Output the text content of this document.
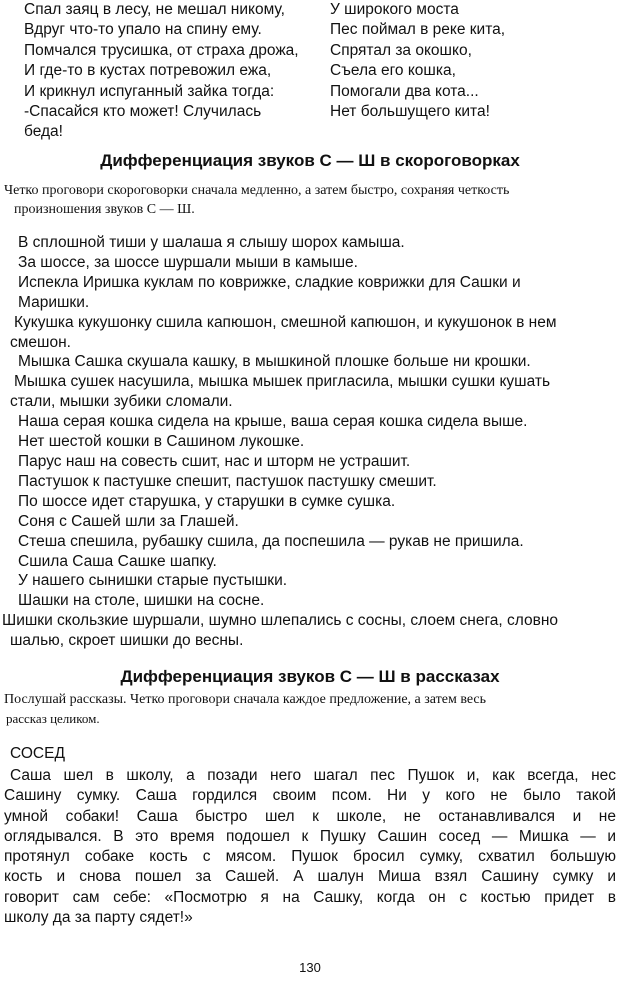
Спал заяц в лесу, не мешал никому,
Вдруг что-то упало на спину ему.
Помчался трусишка, от страха дрожа,
И где-то в кустах потревожил ежа,
И крикнул испуганный зайка тогда:
-Спасайся кто может! Случилась
беда!
У широкого моста
Пес поймал в реке кита,
Спрятал за окошко,
Съела его кошка,
Помогали два кота...
Нет большущего кита!
Дифференциация звуков С — Ш в скороговорках
Четко проговори скороговорки сначала медленно, а затем быстро, сохраняя четкость
произношения звуков С — Ш.
В сплошной тиши у шалаша я слышу шорох камыша.
За шоссе, за шоссе шуршали мыши в камыше.
Испекла Иришка куклам по коврижке, сладкие коврижки для Сашки и
Маришки.
Кукушка кукушонку сшила капюшон, смешной капюшон, и кукушонок в нем
смешон.
Мышка Сашка скушала кашку, в мышкиной плошке больше ни крошки.
Мышка сушек насушила, мышка мышек пригласила, мышки сушки кушать
стали, мышки зубики сломали.
Наша серая кошка сидела на крыше, ваша серая кошка сидела выше.
Нет шестой кошки в Сашином лукошке.
Парус наш на совесть сшит, нас и шторм не устрашит.
Пастушок к пастушке спешит, пастушок пастушку смешит.
По шоссе идет старушка, у старушки в сумке сушка.
Соня с Сашей шли за Глашей.
Стеша спешила, рубашку сшила, да поспешила — рукав не пришила.
Сшила Саша Сашке шапку.
У нашего сынишки старые пустышки.
Шашки на столе, шишки на сосне.
Шишки скользкие шуршали, шумно шлепались с сосны, слоем снега, словно
шалью, скроет шишки до весны.
Дифференциация звуков С — Ш в рассказах
Послушай рассказы. Четко проговори сначала каждое предложение, а затем весь
рассказ целиком.
СОСЕД
Саша шел в школу, а позади него шагал пес Пушок и, как всегда, нес
Сашину сумку. Саша гордился своим псом. Ни у кого не было такой
умной собаки! Саша быстро шел к школе, не останавливался и не
оглядывался. В это время подошел к Пушку Сашин сосед — Мишка — и
протянул собаке кость с мясом. Пушок бросил сумку, схватил большую
кость и снова пошел за Сашей. А шалун Миша взял Сашину сумку и
говорит сам себе: «Посмотрю я на Сашку, когда он с костью придет в
школу да за парту сядет!»
130
